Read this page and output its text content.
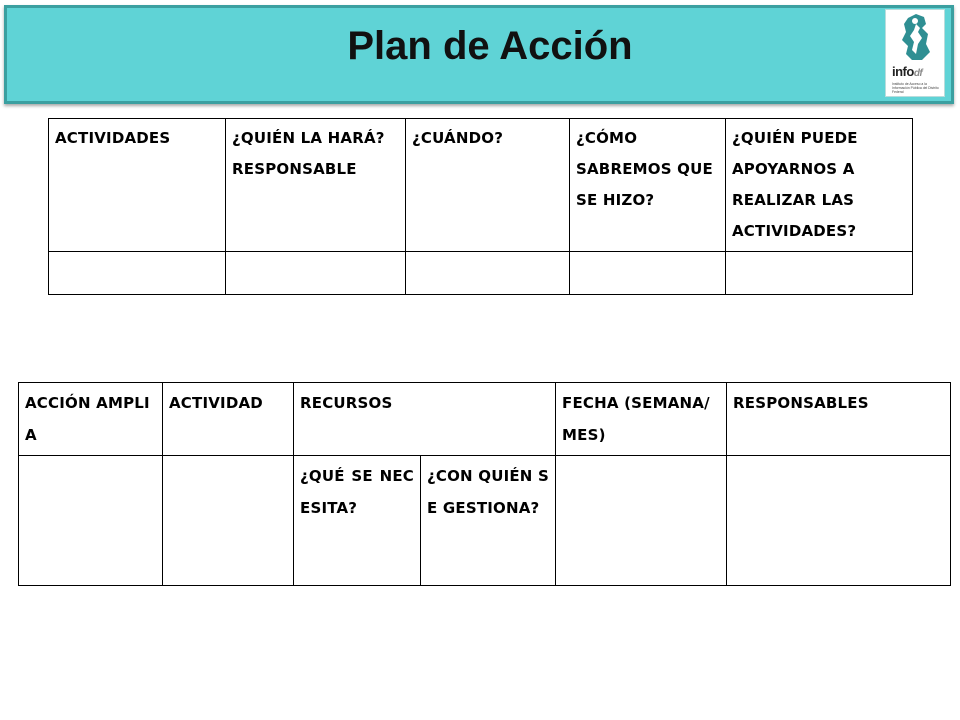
Plan de Acción
infodf
Instituto de Acceso a la Información Pública del Distrito Federal
ACTIVIDADES	¿QUIÉN LA HARÁ? RESPONSABLE	¿CUÁNDO?	¿CÓMO SABREMOS QUE SE HIZO?	¿QUIÉN PUEDE APOYARNOS A REALIZAR LAS ACTIVIDADES?

ACCIÓN AMPLIA	ACTIVIDAD	RECURSOS		FECHA (SEMANA/MES)	RESPONSABLES
		¿QUÉ SE NECESITA?	¿CON QUIÉN SE GESTIONA?		
